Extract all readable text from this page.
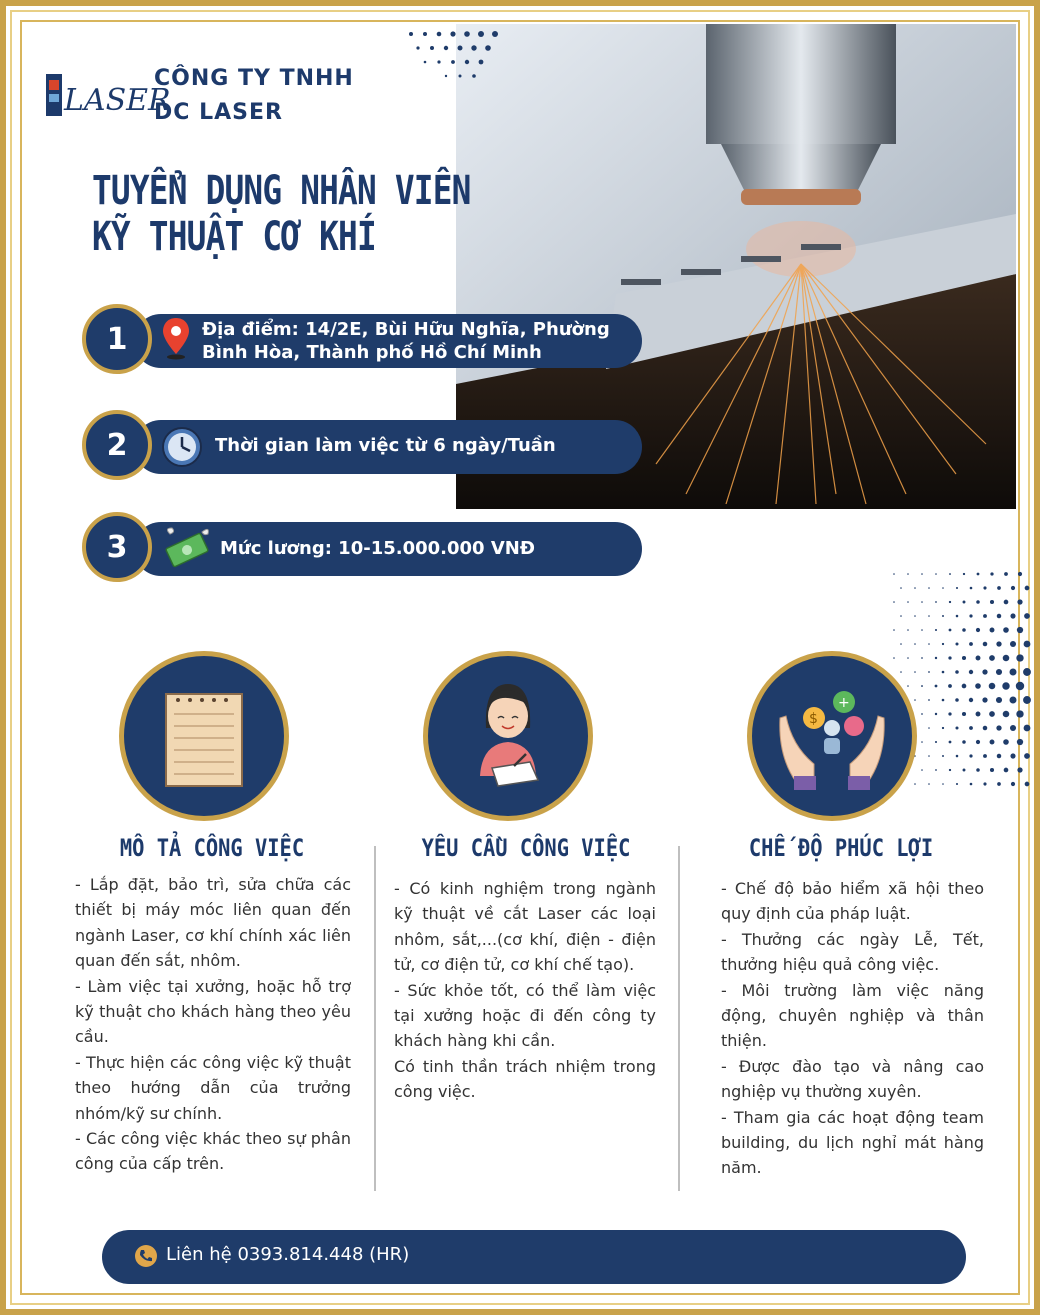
LASER
CÔNG TY TNHH
DC LASER
TUYỂN DỤNG NHÂN VIÊN
KỸ THUẬT CƠ KHÍ
1	Địa điểm: 14/2E, Bùi Hữu Nghĩa, Phường
Bình Hòa, Thành phố Hồ Chí Minh
2	Thời gian làm việc từ 6 ngày/Tuần
3	Mức lương: 10-15.000.000 VNĐ
$
+
MÔ TẢ CÔNG VIỆC	YÊU CẦU CÔNG VIỆC	CHẾ ĐỘ PHÚC LỢI

- Lắp đặt, bảo trì, sửa chữa các thiết bị máy móc liên quan đến ngành Laser, cơ khí chính xác liên quan đến sắt, nhôm.

- Làm việc tại xưởng, hoặc hỗ trợ kỹ thuật cho khách hàng theo yêu cầu.

- Thực hiện các công việc kỹ thuật theo hướng dẫn của trưởng nhóm/kỹ sư chính.

- Các công việc khác theo sự phân công của cấp trên.

- Có kinh nghiệm trong ngành kỹ thuật về cắt Laser các loại nhôm, sắt,...(cơ khí, điện - điện tử, cơ điện tử, cơ khí chế tạo).

- Sức khỏe tốt, có thể làm việc tại xưởng hoặc đi đến công ty khách hàng khi cần.

Có tinh thần trách nhiệm trong công việc.

- Chế độ bảo hiểm xã hội theo quy định của pháp luật.

- Thưởng các ngày Lễ, Tết, thưởng hiệu quả công việc.

- Môi trường làm việc năng động, chuyên nghiệp và thân thiện.

- Được đào tạo và nâng cao nghiệp vụ thường xuyên.

- Tham gia các hoạt động team building, du lịch nghỉ mát hàng năm.

Liên hệ 0393.814.448 (HR)
